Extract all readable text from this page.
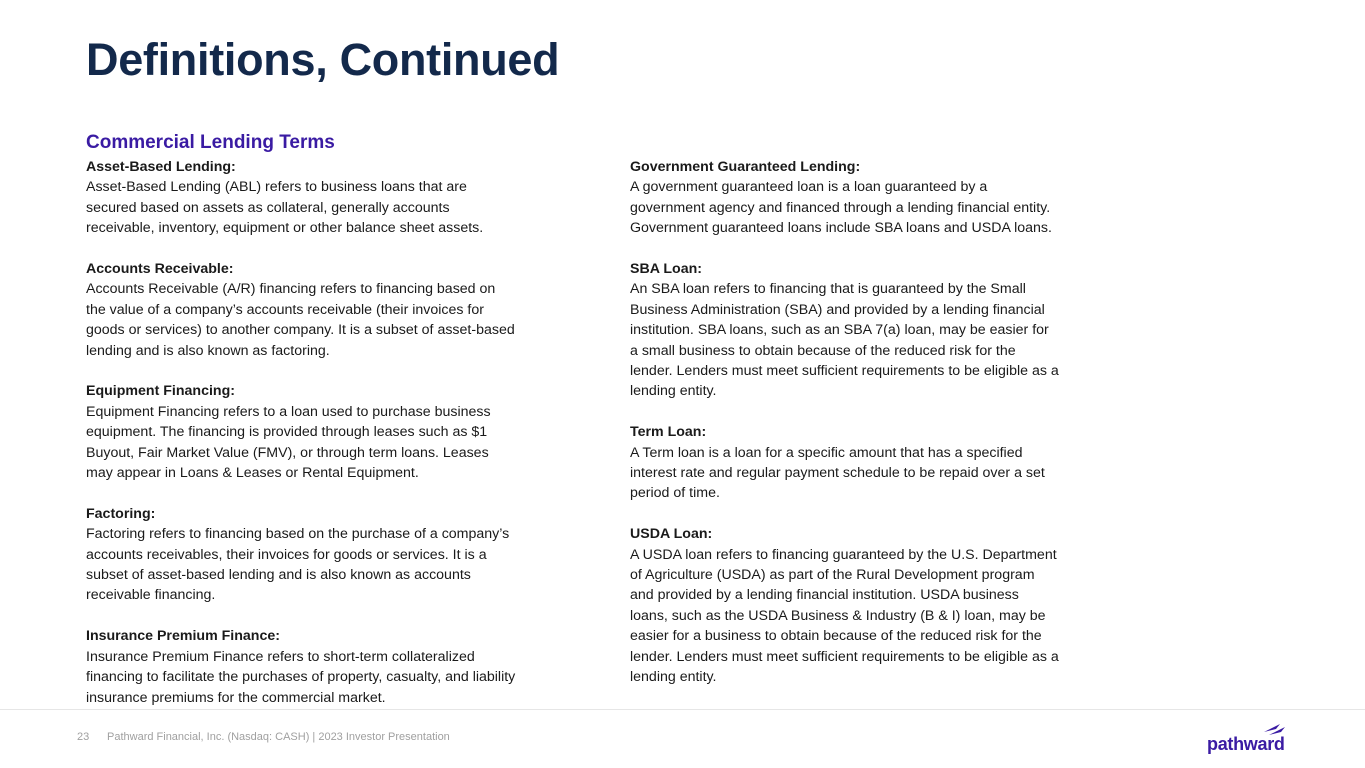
Definitions, Continued
Commercial Lending Terms
Asset-Based Lending:
Asset-Based Lending (ABL) refers to business loans that are secured based on assets as collateral, generally accounts receivable, inventory, equipment or other balance sheet assets.
Accounts Receivable:
Accounts Receivable (A/R) financing refers to financing based on the value of a company’s accounts receivable (their invoices for goods or services) to another company. It is a subset of asset-based lending and is also known as factoring.
Equipment Financing:
Equipment Financing refers to a loan used to purchase business equipment. The financing is provided through leases such as $1 Buyout, Fair Market Value (FMV), or through term loans. Leases may appear in Loans & Leases or Rental Equipment.
Factoring:
Factoring refers to financing based on the purchase of a company’s accounts receivables, their invoices for goods or services. It is a subset of asset-based lending and is also known as accounts receivable financing.
Insurance Premium Finance:
Insurance Premium Finance refers to short-term collateralized financing to facilitate the purchases of property, casualty, and liability insurance premiums for the commercial market.
Government Guaranteed Lending:
A government guaranteed loan is a loan guaranteed by a government agency and financed through a lending financial entity. Government guaranteed loans include SBA loans and USDA loans.
SBA Loan:
An SBA loan refers to financing that is guaranteed by the Small Business Administration (SBA) and provided by a lending financial institution. SBA loans, such as an SBA 7(a) loan, may be easier for a small business to obtain because of the reduced risk for the lender. Lenders must meet sufficient requirements to be eligible as a lending entity.
Term Loan:
A Term loan is a loan for a specific amount that has a specified interest rate and regular payment schedule to be repaid over a set period of time.
USDA Loan:
A USDA loan refers to financing guaranteed by the U.S. Department of Agriculture (USDA) as part of the Rural Development program and provided by a lending financial institution. USDA business loans, such as the USDA Business & Industry (B & I) loan, may be easier for a business to obtain because of the reduced risk for the lender. Lenders must meet sufficient requirements to be eligible as a lending entity.
23 Pathward Financial, Inc. (Nasdaq: CASH) | 2023 Investor Presentation	pathward
